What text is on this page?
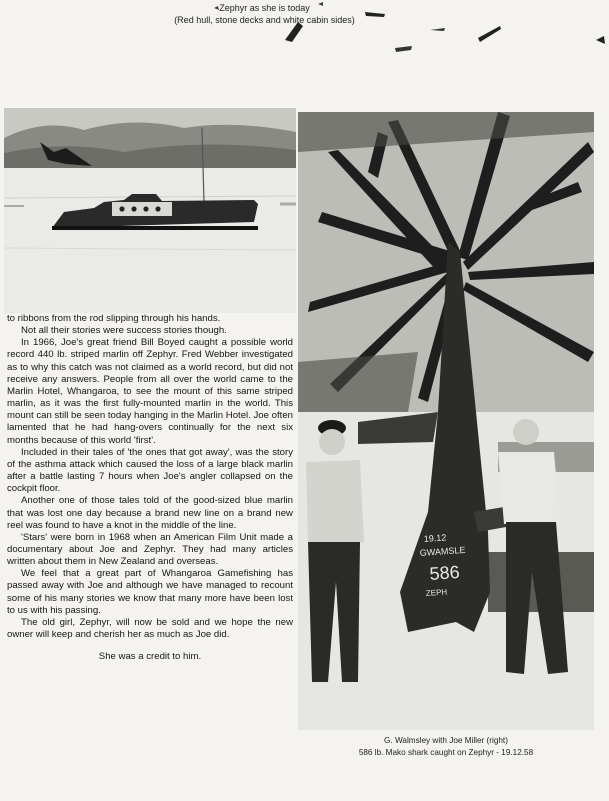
Zephyr as she is today
(Red hull, stone decks and white cabin sides)
19.12
GWAMSLE
586
ZEPH

to ribbons from the rod slipping through his hands.

Not all their stories were success stories though.

In 1966, Joe's great friend Bill Boyed caught a possible world record 440 lb. striped marlin off Zephyr. Fred Webber investigated as to why this catch was not claimed as a world record, but did not receive any answers. People from all over the world came to the Marlin Hotel, Whangaroa, to see the mount of this same striped marlin, as it was the first fully-mounted marlin in the world. This mount can still be seen today hanging in the Marlin Hotel. Joe often lamented that he had hang-overs continually for the next six months because of this world 'first'.

Included in their tales of 'the ones that got away', was the story of the asthma attack which caused the loss of a large black marlin after a battle lasting 7 hours when Joe's angler collapsed on the cockpit floor.

Another one of those tales told of the good-sized blue marlin that was lost one day because a brand new line on a brand new reel was found to have a knot in the middle of the line.

'Stars' were born in 1968 when an American Film Unit made a documentary about Joe and Zephyr. They had many articles written about them in New Zealand and overseas.

We feel that a great part of Whangaroa Gamefishing has passed away with Joe and although we have managed to recount some of his many stories we know that many more have been lost to us with his passing.

The old girl, Zephyr, will now be sold and we hope the new owner will keep and cherish her as much as Joe did.

She was a credit to him.

G. Walmsley with Joe Miller (right)
586 lb. Mako shark caught on Zephyr - 19.12.58
